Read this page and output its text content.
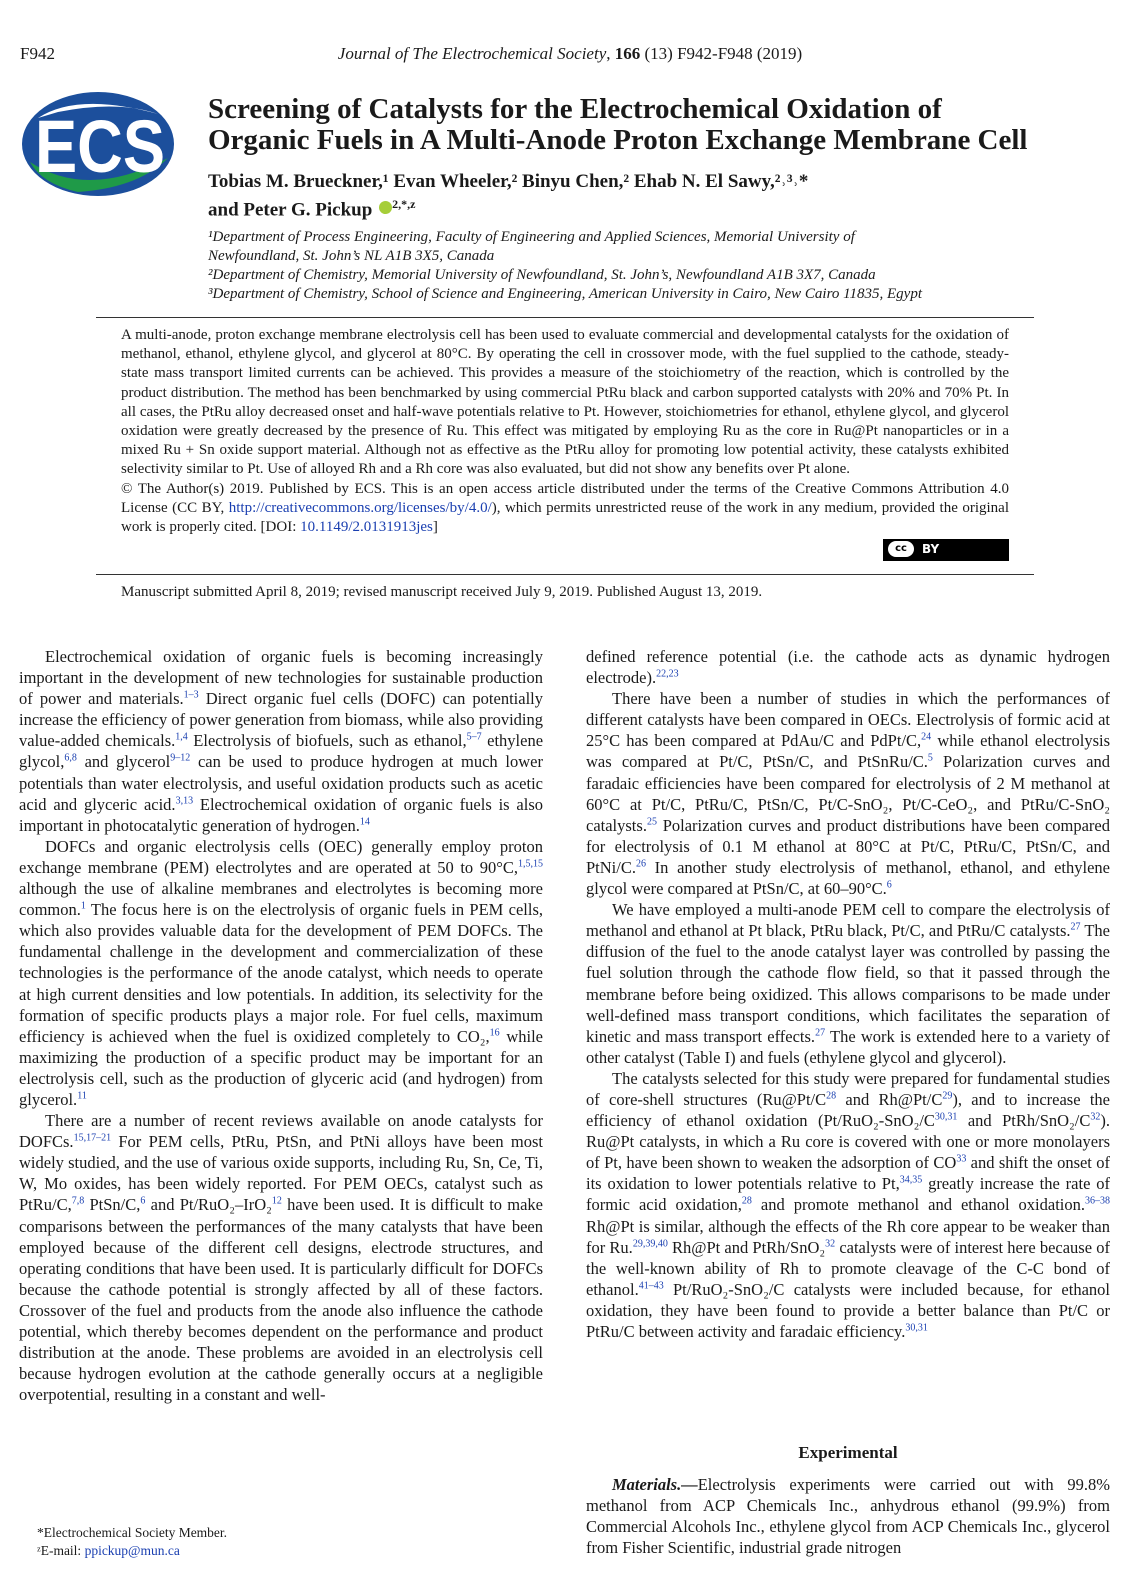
F942	Journal of The Electrochemical Society, 166 (13) F942-F948 (2019)
ECS Screening of Catalysts for the Electrochemical Oxidation of
Organic Fuels in A Multi-Anode Proton Exchange Membrane Cell
Tobias M. Brueckner,¹ Evan Wheeler,² Binyu Chen,² Ehab N. El Sawy,²˒³˒*
and Peter G. Pickup $^{2,*,z}$
¹Department of Process Engineering, Faculty of Engineering and Applied Sciences, Memorial University of
Newfoundland, St. John’s NL A1B 3X5, Canada
²Department of Chemistry, Memorial University of Newfoundland, St. John’s, Newfoundland A1B 3X7, Canada
³Department of Chemistry, School of Science and Engineering, American University in Cairo, New Cairo 11835, Egypt
A multi-anode, proton exchange membrane electrolysis cell has been used to evaluate commercial and developmental catalysts for the oxidation of methanol, ethanol, ethylene glycol, and glycerol at 80°C. By operating the cell in crossover mode, with the fuel supplied to the cathode, steady-state mass transport limited currents can be achieved. This provides a measure of the stoichiometry of the reaction, which is controlled by the product distribution. The method has been benchmarked by using commercial PtRu black and carbon supported catalysts with 20% and 70% Pt. In all cases, the PtRu alloy decreased onset and half-wave potentials relative to Pt. However, stoichiometries for ethanol, ethylene glycol, and glycerol oxidation were greatly decreased by the presence of Ru. This effect was mitigated by employing Ru as the core in Ru@Pt nanoparticles or in a mixed Ru + Sn oxide support material. Although not as effective as the PtRu alloy for promoting low potential activity, these catalysts exhibited selectivity similar to Pt. Use of alloyed Rh and a Rh core was also evaluated, but did not show any benefits over Pt alone.
© The Author(s) 2019. Published by ECS. This is an open access article distributed under the terms of the Creative Commons Attribution 4.0 License (CC BY, http://creativecommons.org/licenses/by/4.0/), which permits unrestricted reuse of the work in any medium, provided the original work is properly cited. [DOI: 10.1149/2.0131913jes]
cc	BY
Manuscript submitted April 8, 2019; revised manuscript received July 9, 2019. Published August 13, 2019.

Electrochemical oxidation of organic fuels is becoming increasingly important in the development of new technologies for sustainable production of power and materials.$^{1-3}$ Direct organic fuel cells (DOFC) can potentially increase the efficiency of power generation from biomass, while also providing value-added chemicals.$^{1,4}$ Electrolysis of biofuels, such as ethanol,$^{5-7}$ ethylene glycol,$^{6,8}$ and glycerol$^{9-12}$ can be used to produce hydrogen at much lower potentials than water electrolysis, and useful oxidation products such as acetic acid and glyceric acid.$^{3,13}$ Electrochemical oxidation of organic fuels is also important in photocatalytic generation of hydrogen.$^{14}$

DOFCs and organic electrolysis cells (OEC) generally employ proton exchange membrane (PEM) electrolytes and are operated at 50 to 90°C,$^{1,5,15}$ although the use of alkaline membranes and electrolytes is becoming more common.$^1$ The focus here is on the electrolysis of organic fuels in PEM cells, which also provides valuable data for the development of PEM DOFCs. The fundamental challenge in the development and commercialization of these technologies is the performance of the anode catalyst, which needs to operate at high current densities and low potentials. In addition, its selectivity for the formation of specific products plays a major role. For fuel cells, maximum efficiency is achieved when the fuel is oxidized completely to CO₂,$^{16}$ while maximizing the production of a specific product may be important for an electrolysis cell, such as the production of glyceric acid (and hydrogen) from glycerol.$^{11}$

There are a number of recent reviews available on anode catalysts for DOFCs.$^{15,17-21}$ For PEM cells, PtRu, PtSn, and PtNi alloys have been most widely studied, and the use of various oxide supports, including Ru, Sn, Ce, Ti, W, Mo oxides, has been widely reported. For PEM OECs, catalyst such as PtRu/C,$^{7,8}$ PtSn/C,$^6$ and Pt/RuO₂–IrO₂$^{12}$ have been used. It is difficult to make comparisons between the performances of the many catalysts that have been employed because of the different cell designs, electrode structures, and operating conditions that have been used. It is particularly difficult for DOFCs because the cathode potential is strongly affected by all of these factors. Crossover of the fuel and products from the anode also influence the cathode potential, which thereby becomes dependent on the performance and product distribution at the anode. These problems are avoided in an electrolysis cell because hydrogen evolution at the cathode generally occurs at a negligible overpotential, resulting in a constant and well-

defined reference potential (i.e. the cathode acts as dynamic hydrogen electrode).$^{22,23}$

There have been a number of studies in which the performances of different catalysts have been compared in OECs. Electrolysis of formic acid at 25°C has been compared at PdAu/C and PdPt/C,$^{24}$ while ethanol electrolysis was compared at Pt/C, PtSn/C, and PtSnRu/C.$^5$ Polarization curves and faradaic efficiencies have been compared for electrolysis of 2 M methanol at 60°C at Pt/C, PtRu/C, PtSn/C, Pt/C-SnO₂, Pt/C-CeO₂, and PtRu/C-SnO₂ catalysts.$^{25}$ Polarization curves and product distributions have been compared for electrolysis of 0.1 M ethanol at 80°C at Pt/C, PtRu/C, PtSn/C, and PtNi/C.$^{26}$ In another study electrolysis of methanol, ethanol, and ethylene glycol were compared at PtSn/C, at 60–90°C.$^6$

We have employed a multi-anode PEM cell to compare the electrolysis of methanol and ethanol at Pt black, PtRu black, Pt/C, and PtRu/C catalysts.$^{27}$ The diffusion of the fuel to the anode catalyst layer was controlled by passing the fuel solution through the cathode flow field, so that it passed through the membrane before being oxidized. This allows comparisons to be made under well-defined mass transport conditions, which facilitates the separation of kinetic and mass transport effects.$^{27}$ The work is extended here to a variety of other catalyst (Table I) and fuels (ethylene glycol and glycerol).

The catalysts selected for this study were prepared for fundamental studies of core-shell structures ($Ru@Pt/C^{28}$ and $Rh@Pt/C^{29}$), and to increase the efficiency of ethanol oxidation ($Pt/RuO_2-SnO_2/C^{30,31}$ and PtRh/$SnO_2/C^{32}$). Ru@Pt catalysts, in which a Ru core is covered with one or more monolayers of Pt, have been shown to weaken the adsorption of CO$^{33}$ and shift the onset of its oxidation to lower potentials relative to Pt,$^{34,35}$ greatly increase the rate of formic acid oxidation,$^{28}$ and promote methanol and ethanol oxidation.$^{36-38}$ Rh@Pt is similar, although the effects of the Rh core appear to be weaker than for Ru.$^{29,39,40}$ Rh@Pt and PtRh/SnO₂$^{32}$ catalysts were of interest here because of the well-known ability of Rh to promote cleavage of the C-C bond of ethanol.$^{41-43}$ Pt/RuO₂-SnO₂/C catalysts were included because, for ethanol oxidation, they have been found to provide a better balance than Pt/C or PtRu/C between activity and faradaic efficiency.$^{30,31}$

Experimental

Materials.—Electrolysis experiments were carried out with 99.8% methanol from ACP Chemicals Inc., anhydrous ethanol (99.9%) from Commercial Alcohols Inc., ethylene glycol from ACP Chemicals Inc., glycerol from Fisher Scientific, industrial grade nitrogen

*Electrochemical Society Member.
ᶻE-mail: ppickup@mun.ca
